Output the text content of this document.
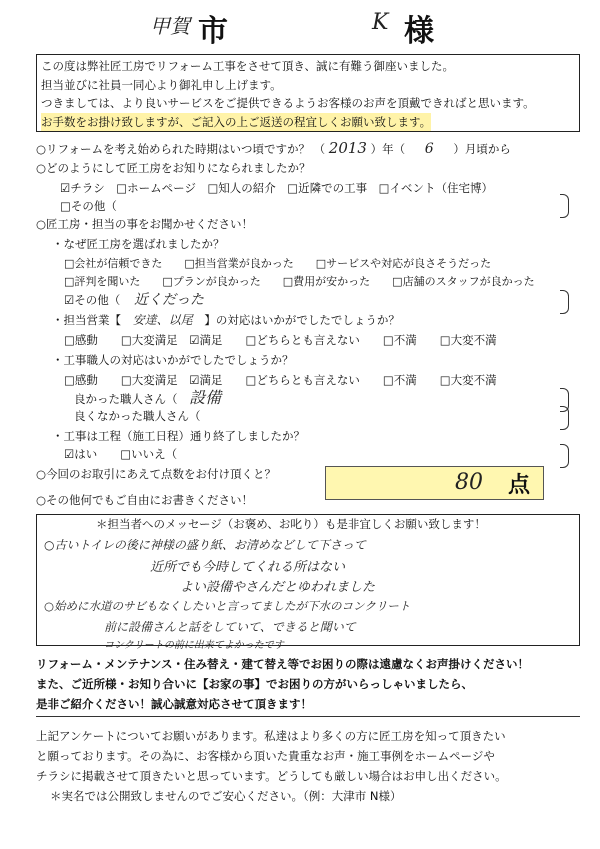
甲賀 市	K 様
この度は弊社匠工房でリフォーム工事をさせて頂き、誠に有難う御座いました。
担当並びに社員一同心より御礼申し上げます。
つきましては、より良いサービスをご提供できるようお客様のお声を頂戴できればと思います。
お手数をお掛け致しますが、ご記入の上ご返送の程宜しくお願い致します。
○リフォームを考え始められた時期はいつ頃ですか？ （ 2013 ）年（ 6 ）月頃から
○どのようにして匠工房をお知りになられましたか？
☑チラシ　□ホームページ　□知人の紹介　□近隣での工事　□イベント（住宅博）
□その他（
○匠工房・担当の事をお聞かせください！
・なぜ匠工房を選ばれましたか？
□会社が信頼できた　　□担当営業が良かった　　□サービスや対応が良さそうだった
□評判を聞いた　　□プランが良かった　　□費用が安かった　　□店舗のスタッフが良かった
☑その他（ 近くだった
・担当営業【 安達、以尾 】の対応はいかがでしたでしょうか？
□感動　　□大変満足　☑満足　　□どちらとも言えない　　□不満　　□大変不満
・工事職人の対応はいかがでしたでしょうか？
□感動　　□大変満足　☑満足　　□どちらとも言えない　　□不満　　□大変不満
良かった職人さん（ 設備
良くなかった職人さん（
・工事は工程（施工日程）通り終了しましたか？
☑はい　　□いいえ（
○今回のお取引にあえて点数をお付け頂くと？	80 点
○その他何でもご自由にお書きください！
＊担当者へのメッセージ（お褒め、お叱り）も是非宜しくお願い致します！
○古いトイレの後に神様の盛り紙、お清めなどして下さって
近所でも今時してくれる所はない
よい設備やさんだとゆわれました
○始めに水道のサビもなくしたいと言ってましたが下水のコンクリート
前に設備さんと話をしていて、できると聞いて
コンクリートの前に出来てよかったです
リフォーム・メンテナンス・住み替え・建て替え等でお困りの際は遠慮なくお声掛けください！
また、ご近所様・お知り合いに【お家の事】でお困りの方がいらっしゃいましたら、
是非ご紹介ください！誠心誠意対応させて頂きます！
上記アンケートについてお願いがあります。私達はより多くの方に匠工房を知って頂きたい
と願っております。その為に、お客様から頂いた貴重なお声・施工事例をホームページや
チラシに掲載させて頂きたいと思っています。どうしても厳しい場合はお申し出ください。
＊実名では公開致しませんのでご安心ください。（例：大津市 N様）
